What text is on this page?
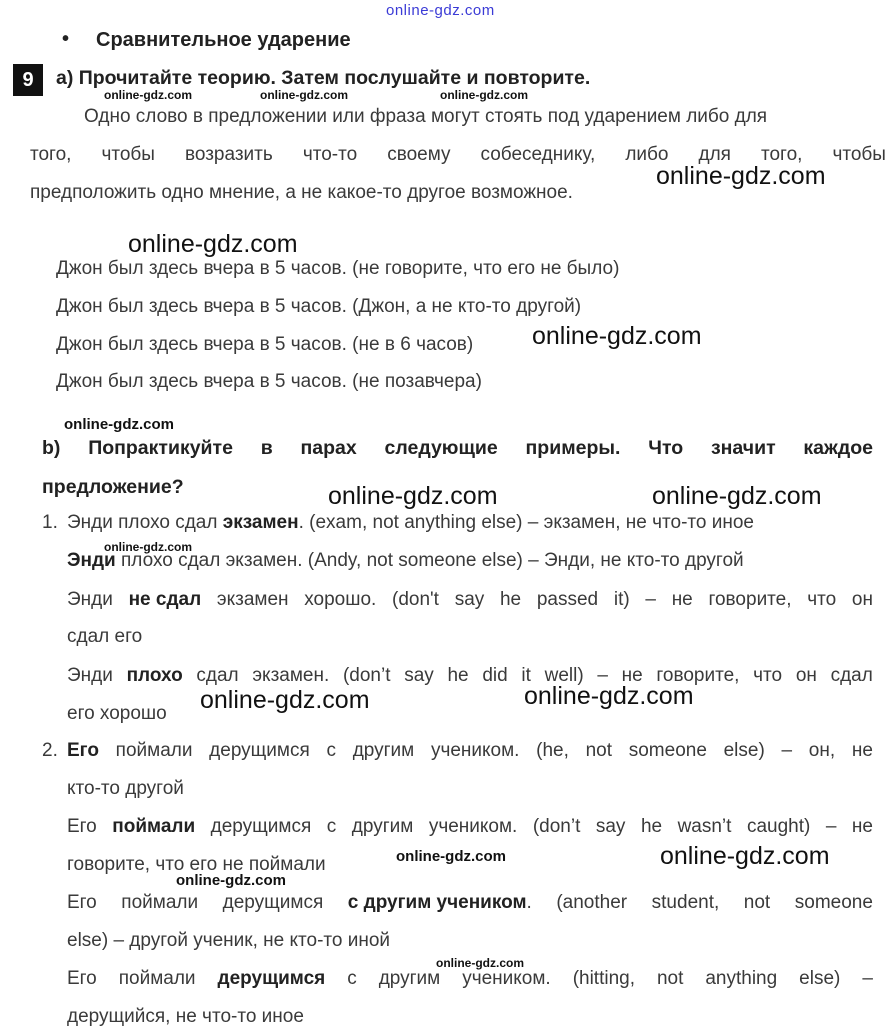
online-gdz.com
online-gdz.com	online-gdz.com	online-gdz.com
online-gdz.com
online-gdz.com
online-gdz.com
online-gdz.com
online-gdz.com	online-gdz.com
online-gdz.com
online-gdz.com	online-gdz.com
online-gdz.com	online-gdz.com
online-gdz.com
online-gdz.com
• Сравнительное ударение
9	a) Прочитайте теорию. Затем послушайте и повторите.
Одно слово в предложении или фраза могут стоять под ударением либо для
того, чтобы возразить что-то своему собеседнику, либо для того, чтобы
предположить одно мнение, а не какое-то другое возможное.
Джон был здесь вчера в 5 часов. (не говорите, что его не было)
Джон был здесь вчера в 5 часов. (Джон, а не кто-то другой)
Джон был здесь вчера в 5 часов. (не в 6 часов)
Джон был здесь вчера в 5 часов. (не позавчера)
b) Попрактикуйте в парах следующие примеры. Что значит каждое
предложение?
1. Энди плохо сдал экзамен. (exam, not anything else) – экзамен, не что-то иное
Энди плохо сдал экзамен. (Andy, not someone else) – Энди, не кто-то другой
Энди не сдал экзамен хорошо. (don't say he passed it) – не говорите, что он
сдал его
Энди плохо сдал экзамен. (don’t say he did it well) – не говорите, что он сдал
его хорошо
2. Его поймали дерущимся с другим учеником. (he, not someone else) – он, не
кто-то другой
Его поймали дерущимся с другим учеником. (don’t say he wasn’t caught) – не
говорите, что его не поймали
Его поймали дерущимся с другим учеником. (another student, not someone
else) – другой ученик, не кто-то иной
Его поймали дерущимся с другим учеником. (hitting, not anything else) –
дерущийся, не что-то иное
